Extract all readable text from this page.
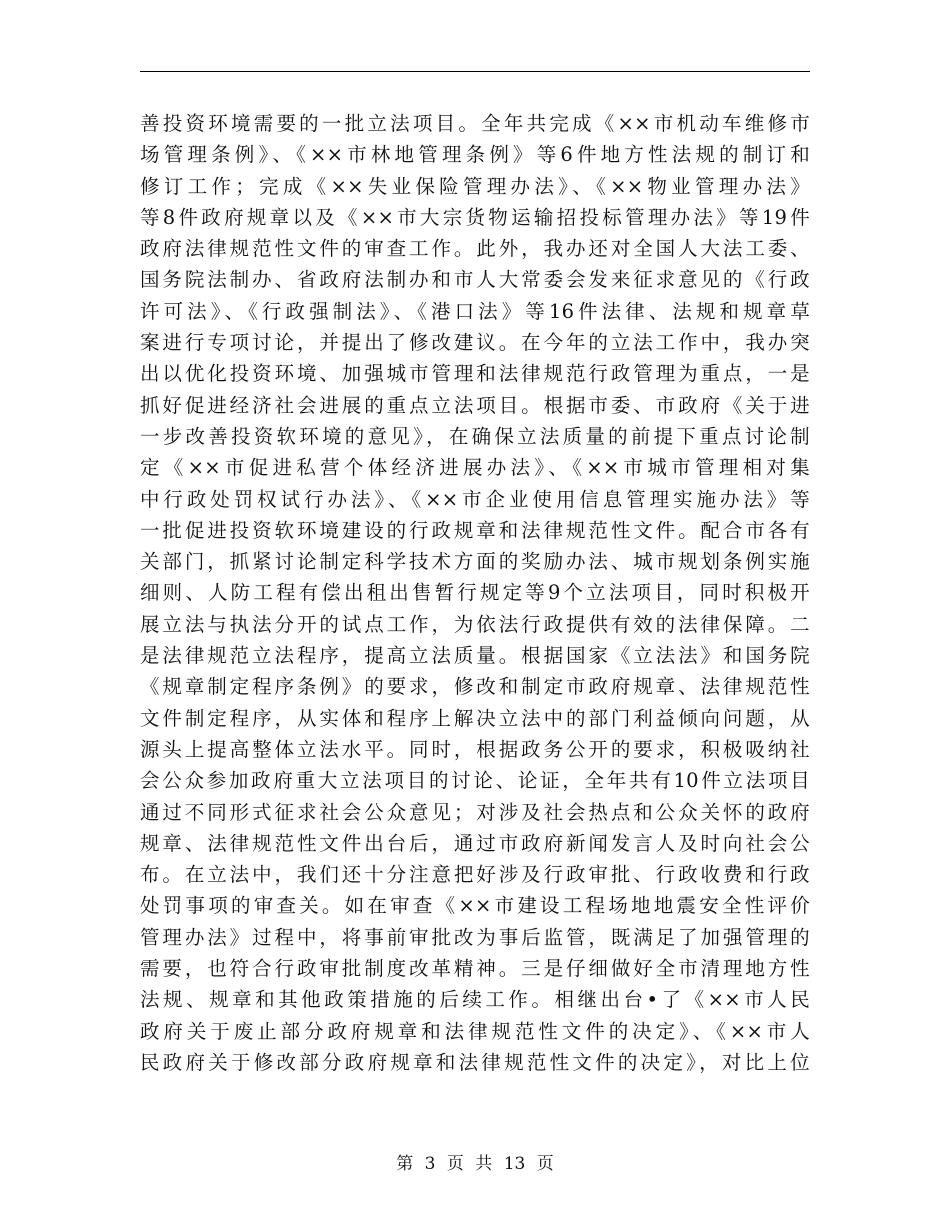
善投资环境需要的一批立法项目。全年共完成《××市机动车维修市
场管理条例》、《××市林地管理条例》等6件地方性法规的制订和
修订工作；完成《××失业保险管理办法》、《××物业管理办法》
等8件政府规章以及《××市大宗货物运输招投标管理办法》等19件
政府法律规范性文件的审查工作。此外，我办还对全国人大法工委、
国务院法制办、省政府法制办和市人大常委会发来征求意见的《行政
许可法》、《行政强制法》、《港口法》等16件法律、法规和规章草
案进行专项讨论，并提出了修改建议。在今年的立法工作中，我办突
出以优化投资环境、加强城市管理和法律规范行政管理为重点，一是
抓好促进经济社会进展的重点立法项目。根据市委、市政府《关于进
一步改善投资软环境的意见》，在确保立法质量的前提下重点讨论制
定《××市促进私营个体经济进展办法》、《××市城市管理相对集
中行政处罚权试行办法》、《××市企业使用信息管理实施办法》等
一批促进投资软环境建设的行政规章和法律规范性文件。配合市各有
关部门，抓紧讨论制定科学技术方面的奖励办法、城市规划条例实施
细则、人防工程有偿出租出售暂行规定等9个立法项目，同时积极开
展立法与执法分开的试点工作，为依法行政提供有效的法律保障。二
是法律规范立法程序，提高立法质量。根据国家《立法法》和国务院
《规章制定程序条例》的要求，修改和制定市政府规章、法律规范性
文件制定程序，从实体和程序上解决立法中的部门利益倾向问题，从
源头上提高整体立法水平。同时，根据政务公开的要求，积极吸纳社
会公众参加政府重大立法项目的讨论、论证，全年共有10件立法项目
通过不同形式征求社会公众意见；对涉及社会热点和公众关怀的政府
规章、法律规范性文件出台后，通过市政府新闻发言人及时向社会公
布。在立法中，我们还十分注意把好涉及行政审批、行政收费和行政
处罚事项的审查关。如在审查《××市建设工程场地地震安全性评价
管理办法》过程中，将事前审批改为事后监管，既满足了加强管理的
需要，也符合行政审批制度改革精神。三是仔细做好全市清理地方性
法规、规章和其他政策措施的后续工作。相继出台•了《××市人民
政府关于废止部分政府规章和法律规范性文件的决定》、《××市人
民政府关于修改部分政府规章和法律规范性文件的决定》，对比上位
第 3 页 共 13 页
